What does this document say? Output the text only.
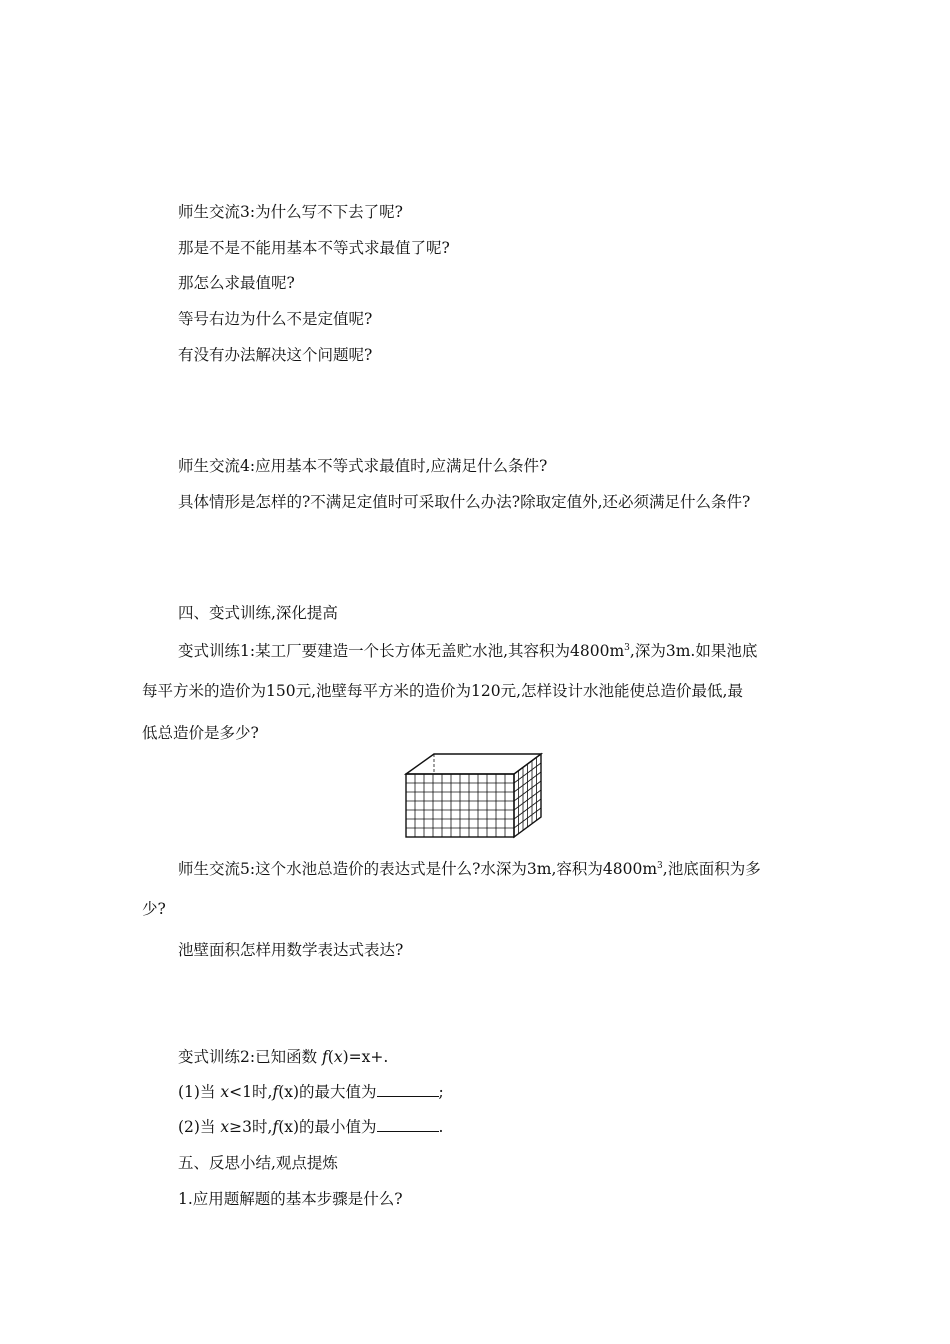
师生交流3:为什么写不下去了呢?
那是不是不能用基本不等式求最值了呢?
那怎么求最值呢?
等号右边为什么不是定值呢?
有没有办法解决这个问题呢?
师生交流4:应用基本不等式求最值时,应满足什么条件?
具体情形是怎样的?不满足定值时可采取什么办法?除取定值外,还必须满足什么条件?
四、变式训练,深化提高
变式训练1:某工厂要建造一个长方体无盖贮水池,其容积为$4800m^3$,深为3m.如果池底
每平方米的造价为150元,池壁每平方米的造价为120元,怎样设计水池能使总造价最低,最
低总造价是多少?
师生交流5:这个水池总造价的表达式是什么?水深为3m,容积为$4800m^3$,池底面积为多
少?
池壁面积怎样用数学表达式表达?
变式训练2:已知函数 f(x)=x+.
(1)当 x<1时,f(x)的最大值为	;
(2)当 x≥3时,f(x)的最小值为	.
五、反思小结,观点提炼
1.应用题解题的基本步骤是什么?
